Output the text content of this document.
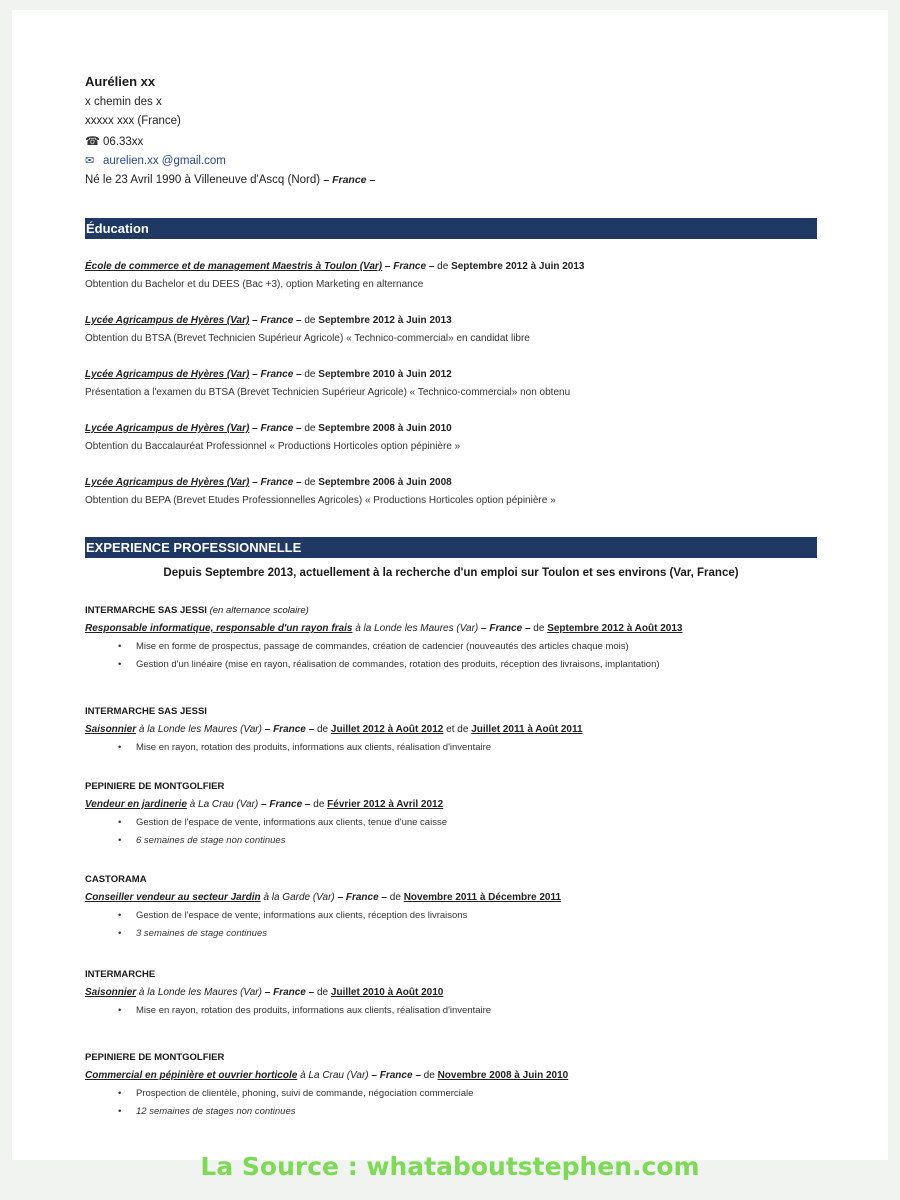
Aurélien xx
x chemin des x
xxxxx xxx (France)
☎ 06.33xx
✉ aurelien.xx @gmail.com
Né le 23 Avril 1990 à Villeneuve d'Ascq (Nord) – France –
Éducation
École de commerce et de management Maestris à Toulon (Var) – France – de Septembre 2012 à Juin 2013
Obtention du Bachelor et du DEES (Bac +3), option Marketing en alternance
Lycée Agricampus de Hyères (Var) – France – de Septembre 2012 à Juin 2013
Obtention du BTSA (Brevet Technicien Supérieur Agricole) « Technico-commercial» en candidat libre
Lycée Agricampus de Hyères (Var) – France – de Septembre 2010 à Juin 2012
Présentation a l'examen du BTSA (Brevet Technicien Supérieur Agricole) « Technico-commercial» non obtenu
Lycée Agricampus de Hyères (Var) – France – de Septembre 2008 à Juin 2010
Obtention du Baccalauréat Professionnel « Productions Horticoles option pépinière »
Lycée Agricampus de Hyères (Var) – France – de Septembre 2006 à Juin 2008
Obtention du BEPA (Brevet Etudes Professionnelles Agricoles) « Productions Horticoles option pépinière »
EXPERIENCE PROFESSIONNELLE
Depuis Septembre 2013, actuellement à la recherche d'un emploi sur Toulon et ses environs (Var, France)
INTERMARCHE SAS JESSI (en alternance scolaire)
Responsable informatique, responsable d'un rayon frais à la Londe les Maures (Var) – France – de Septembre 2012 à Août 2013
• Mise en forme de prospectus, passage de commandes, création de cadencier (nouveautés des articles chaque mois)
• Gestion d'un linéaire (mise en rayon, réalisation de commandes, rotation des produits, réception des livraisons, implantation)
INTERMARCHE SAS JESSI
Saisonnier à la Londe les Maures (Var) – France – de Juillet 2012 à Août 2012 et de Juillet 2011 à Août 2011
• Mise en rayon, rotation des produits, informations aux clients, réalisation d'inventaire
PEPINIERE DE MONTGOLFIER
Vendeur en jardinerie à La Crau (Var) – France – de Février 2012 à Avril 2012
• Gestion de l'espace de vente, informations aux clients, tenue d'une caisse
• 6 semaines de stage non continues
CASTORAMA
Conseiller vendeur au secteur Jardin à la Garde (Var) – France – de Novembre 2011 à Décembre 2011
• Gestion de l'espace de vente, informations aux clients, réception des livraisons
• 3 semaines de stage continues
INTERMARCHE
Saisonnier à la Londe les Maures (Var) – France – de Juillet 2010 à Août 2010
• Mise en rayon, rotation des produits, informations aux clients, réalisation d'inventaire
PEPINIERE DE MONTGOLFIER
Commercial en pépinière et ouvrier horticole à La Crau (Var) – France – de Novembre 2008 à Juin 2010
• Prospection de clientèle, phoning, suivi de commande, négociation commerciale
• 12 semaines de stages non continues
La Source : whataboutstephen.com
